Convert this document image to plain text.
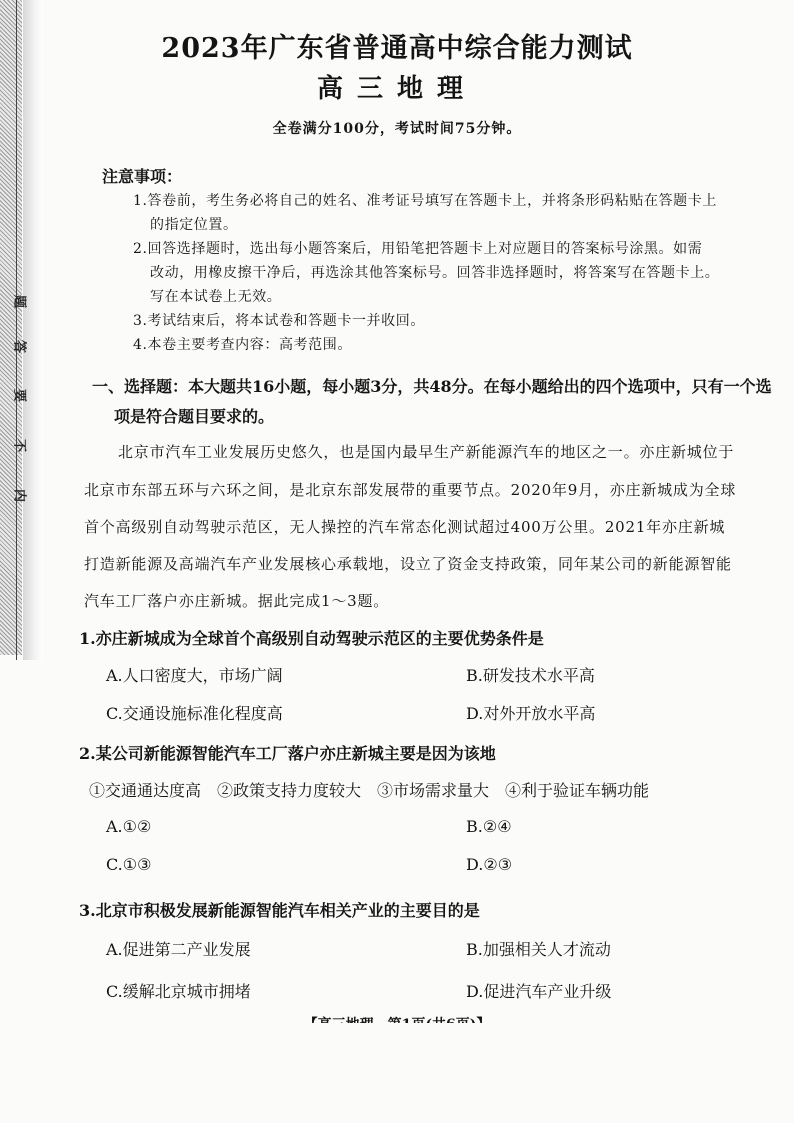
题
答
要
不
内
2023年广东省普通高中综合能力测试
高三地理
全卷满分100分，考试时间75分钟。
注意事项：
1.答卷前，考生务必将自己的姓名、准考证号填写在答题卡上，并将条形码粘贴在答题卡上
的指定位置。
2.回答选择题时，选出每小题答案后，用铅笔把答题卡上对应题目的答案标号涂黑。如需
改动，用橡皮擦干净后，再选涂其他答案标号。回答非选择题时，将答案写在答题卡上。
写在本试卷上无效。
3.考试结束后，将本试卷和答题卡一并收回。
4.本卷主要考查内容：高考范围。
一、选择题：本大题共16小题，每小题3分，共48分。在每小题给出的四个选项中，只有一个选
项是符合题目要求的。
北京市汽车工业发展历史悠久，也是国内最早生产新能源汽车的地区之一。亦庄新城位于
北京市东部五环与六环之间，是北京东部发展带的重要节点。2020年9月，亦庄新城成为全球
首个高级别自动驾驶示范区，无人操控的汽车常态化测试超过400万公里。2021年亦庄新城
打造新能源及高端汽车产业发展核心承载地，设立了资金支持政策，同年某公司的新能源智能
汽车工厂落户亦庄新城。据此完成1～3题。
1.亦庄新城成为全球首个高级别自动驾驶示范区的主要优势条件是
A.人口密度大，市场广阔	B.研发技术水平高
C.交通设施标准化程度高	D.对外开放水平高
2.某公司新能源智能汽车工厂落户亦庄新城主要是因为该地
①交通通达度高　②政策支持力度较大　③市场需求量大　④利于验证车辆功能
A.①②	B.②④
C.①③	D.②③
3.北京市积极发展新能源智能汽车相关产业的主要目的是
A.促进第二产业发展	B.加强相关人才流动
C.缓解北京城市拥堵	D.促进汽车产业升级
